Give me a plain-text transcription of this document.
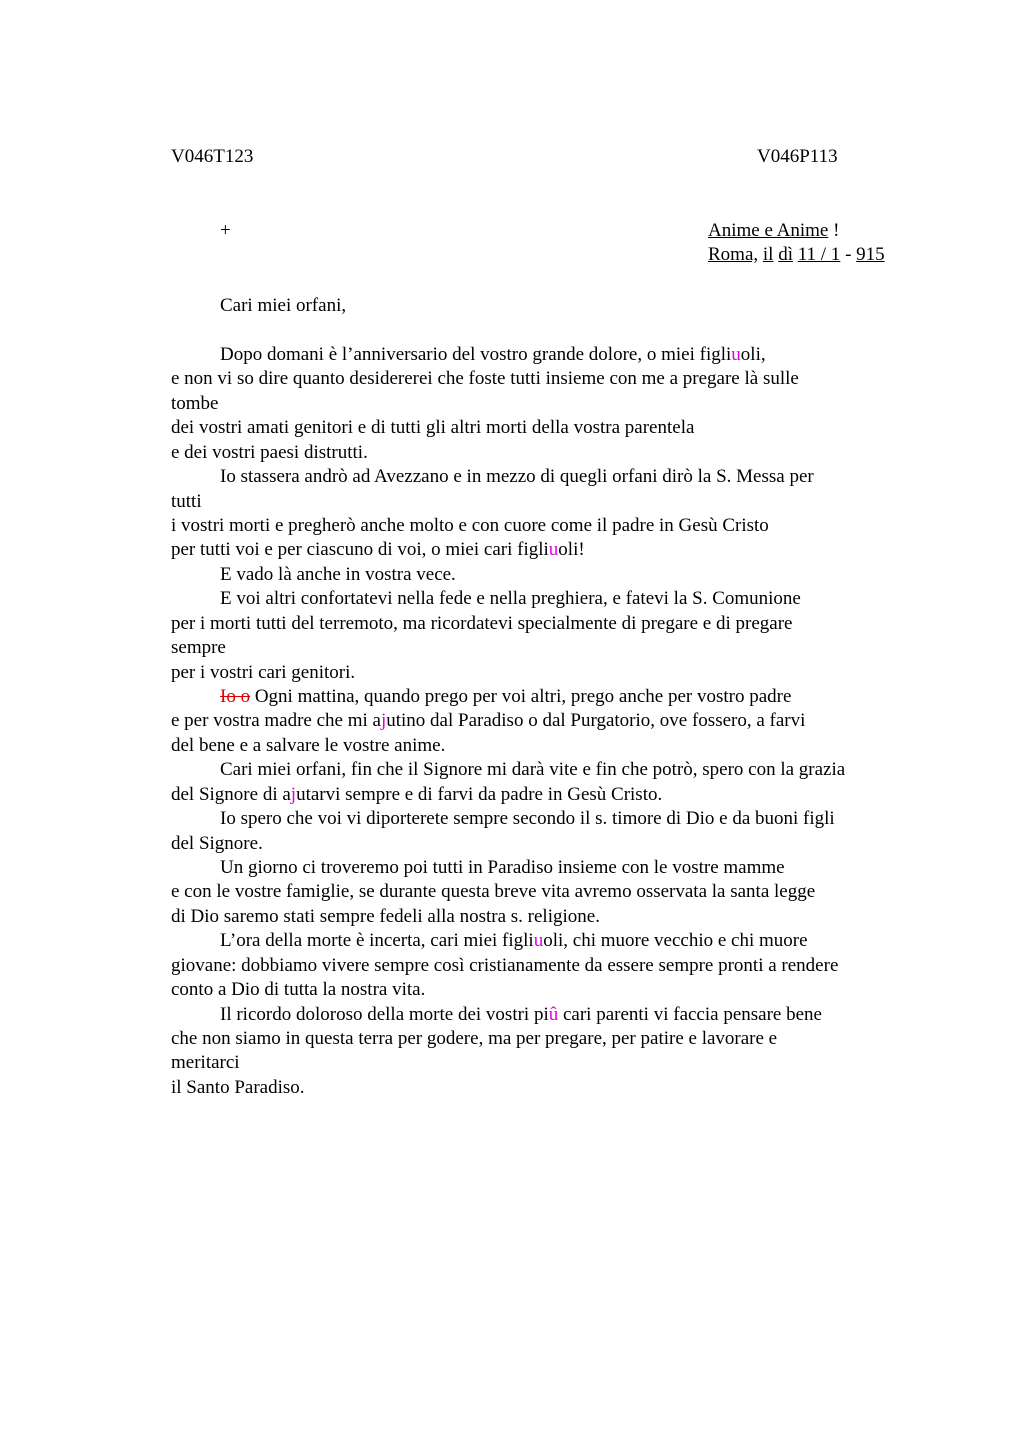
V046T123	V046P113
+	Anime e Anime !
Roma, il dì 11 / 1 - 915
Cari miei orfani,
Dopo domani è l’anniversario del vostro grande dolore, o miei figliuoli,
e non vi so dire quanto desidererei che foste tutti insieme con me a pregare là sulle
tombe
dei vostri amati genitori e di tutti gli altri morti della vostra parentela
e dei vostri paesi distrutti.
Io stassera andrò ad Avezzano e in mezzo di quegli orfani dirò la S. Messa per
tutti
i vostri morti e pregherò anche molto e con cuore come il padre in Gesù Cristo
per tutti voi e per ciascuno di voi, o miei cari figliuoli!
E vado là anche in vostra vece.
E voi altri confortatevi nella fede e nella preghiera, e fatevi la S. Comunione
per i morti tutti del terremoto, ma ricordatevi specialmente di pregare e di pregare
sempre
per i vostri cari genitori.
Io o Ogni mattina, quando prego per voi altri, prego anche per vostro padre
e per vostra madre che mi ajutino dal Paradiso o dal Purgatorio, ove fossero, a farvi
del bene e a salvare le vostre anime.
Cari miei orfani, fin che il Signore mi darà vite e fin che potrò, spero con la grazia
del Signore di ajutarvi sempre e di farvi da padre in Gesù Cristo.
Io spero che voi vi diporterete sempre secondo il s. timore di Dio e da buoni figli
del Signore.
Un giorno ci troveremo poi tutti in Paradiso insieme con le vostre mamme
e con le vostre famiglie, se durante questa breve vita avremo osservata la santa legge
di Dio saremo stati sempre fedeli alla nostra s. religione.
L’ora della morte è incerta, cari miei figliuoli, chi muore vecchio e chi muore
giovane: dobbiamo vivere sempre così cristianamente da essere sempre pronti a rendere
conto a Dio di tutta la nostra vita.
Il ricordo doloroso della morte dei vostri piû cari parenti vi faccia pensare bene
che non siamo in questa terra per godere, ma per pregare, per patire e lavorare e
meritarci
il Santo Paradiso.
